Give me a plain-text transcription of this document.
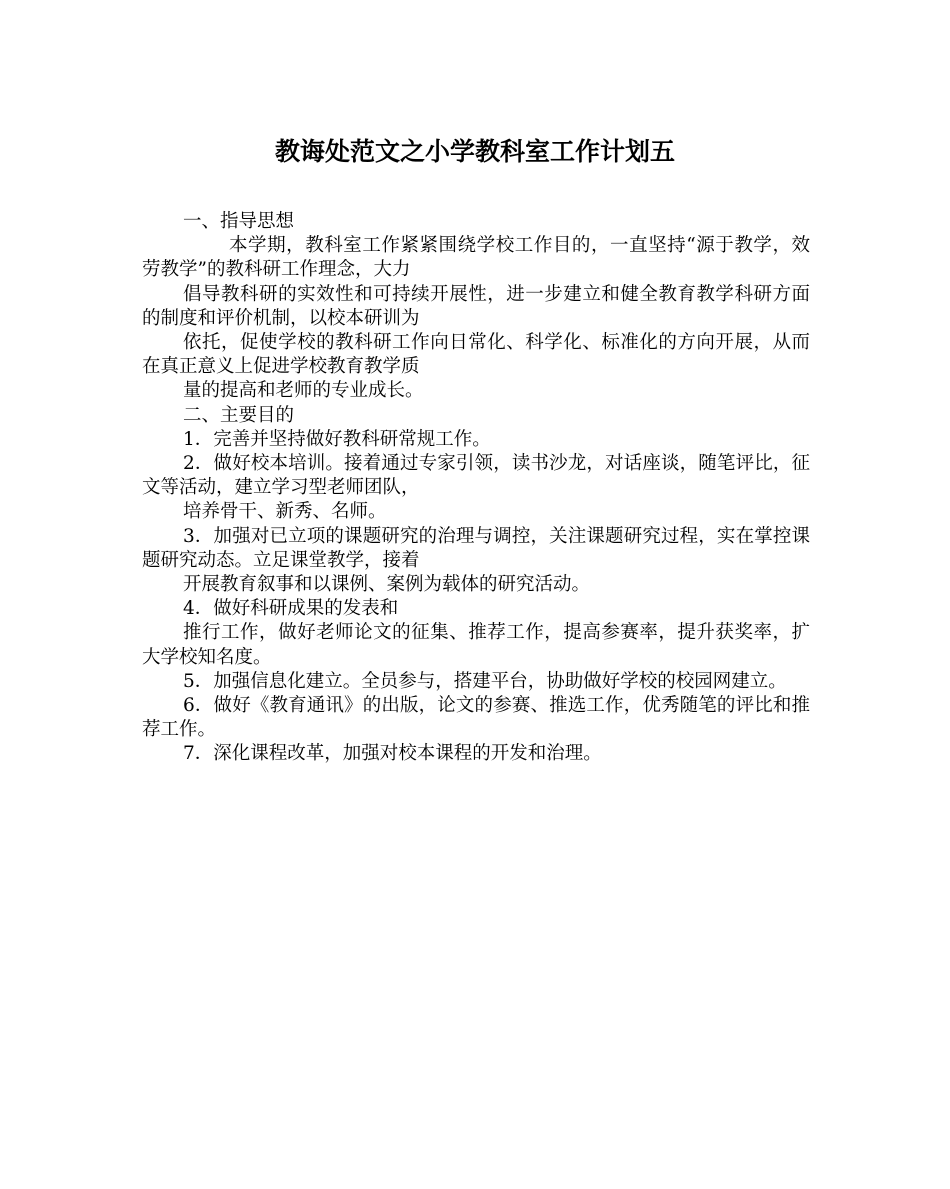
教诲处范文之小学教科室工作计划五

一、指导思想

本学期，教科室工作紧紧围绕学校工作目的，一直坚持“源于教学，效劳教学”的教科研工作理念，大力

倡导教科研的实效性和可持续开展性，进一步建立和健全教育教学科研方面的制度和评价机制，以校本研训为

依托，促使学校的教科研工作向日常化、科学化、标准化的方向开展，从而在真正意义上促进学校教育教学质

量的提高和老师的专业成长。

二、主要目的

1．完善并坚持做好教科研常规工作。

2．做好校本培训。接着通过专家引领，读书沙龙，对话座谈，随笔评比，征文等活动，建立学习型老师团队，

培养骨干、新秀、名师。

3．加强对已立项的课题研究的治理与调控，关注课题研究过程，实在掌控课题研究动态。立足课堂教学，接着

开展教育叙事和以课例、案例为载体的研究活动。

4．做好科研成果的发表和

推行工作，做好老师论文的征集、推荐工作，提高参赛率，提升获奖率，扩大学校知名度。

5．加强信息化建立。全员参与，搭建平台，协助做好学校的校园网建立。

6．做好《教育通讯》的出版，论文的参赛、推选工作，优秀随笔的评比和推荐工作。

7．深化课程改革，加强对校本课程的开发和治理。
